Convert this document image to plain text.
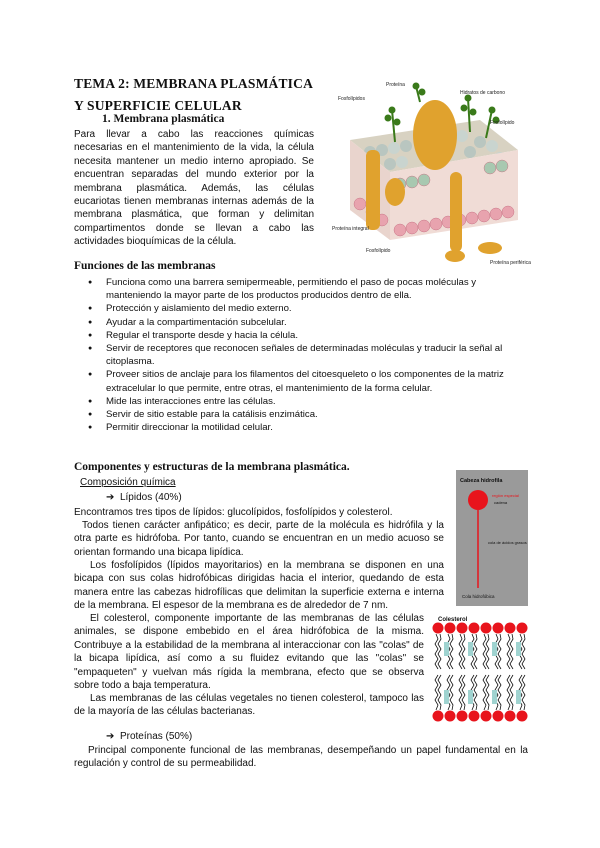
TEMA 2: MEMBRANA PLASMÁTICA Y SUPERFICIE CELULAR
1. Membrana plasmática
Para llevar a cabo las reacciones químicas necesarias en el mantenimiento de la vida, la célula necesita mantener un medio interno apropiado. Se encuentran separadas del mundo exterior por la membrana plasmática. Además, las células eucariotas tienen membranas internas además de la membrana plasmática, que forman y delimitan compartimentos donde se llevan a cabo las actividades bioquímicas de la célula.
Proteína
Fosfolípidos
Hidratos de carbono
Fosfolípido
Proteína integral
Fosfolípido
Proteína periférica
Funciones de las membranas
● Funciona como una barrera semipermeable, permitiendo el paso de pocas moléculas y manteniendo la mayor parte de los productos producidos dentro de ella.
● Protección y aislamiento del medio externo.
● Ayudar a la compartimentación subcelular.
● Regular el transporte desde y hacia la célula.
● Servir de receptores que reconocen señales de determinadas moléculas y traducir la señal al citoplasma.
● Proveer sitios de anclaje para los filamentos del citoesqueleto o los componentes de la matriz extracelular lo que permite, entre otras, el mantenimiento de la forma celular.
● Mide las interacciones entre las células.
● Servir de sitio estable para la catálisis enzimática.
● Permitir direccionar la motilidad celular.
Componentes y estructuras de la membrana plasmática.
Composición química
➔ Lípidos (40%)
Encontramos tres tipos de lípidos: glucolípidos, fosfolípidos y colesterol.
Todos tienen carácter anfipático; es decir, parte de la molécula es hidrófila y la otra parte es hidrófoba. Por tanto, cuando se encuentran en un medio acuoso se orientan formando una bicapa lipídica.
Los fosfolípidos (lípidos mayoritarios) en la membrana se disponen en una bicapa con sus colas hidrofóbicas dirigidas hacia el interior, quedando de esta manera entre las cabezas hidrofílicas que delimitan la superficie externa e interna de la membrana. El espesor de la membrana es de alrededor de 7 nm.
El colesterol, componente importante de las membranas de las células animales, se dispone embebido en el área hidrófobica de la misma. Contribuye a la estabilidad de la membrana al interaccionar con las "colas" de la bicapa lipídica, así como a su fluidez evitando que las "colas" se "empaqueten" y vuelvan más rígida la membrana, efecto que se observa sobre todo a baja temperatura.
Las membranas de las células vegetales no tienen colesterol, tampoco las de la mayoría de las células bacterianas.
➔ Proteínas (50%)
Principal componente funcional de las membranas, desempeñando un papel fundamental en la regulación y control de su permeabilidad.
Cabeza hidrofila
región especial
cadena
cola de ácidos grasos
Cola hidrofóbica
Colesterol
